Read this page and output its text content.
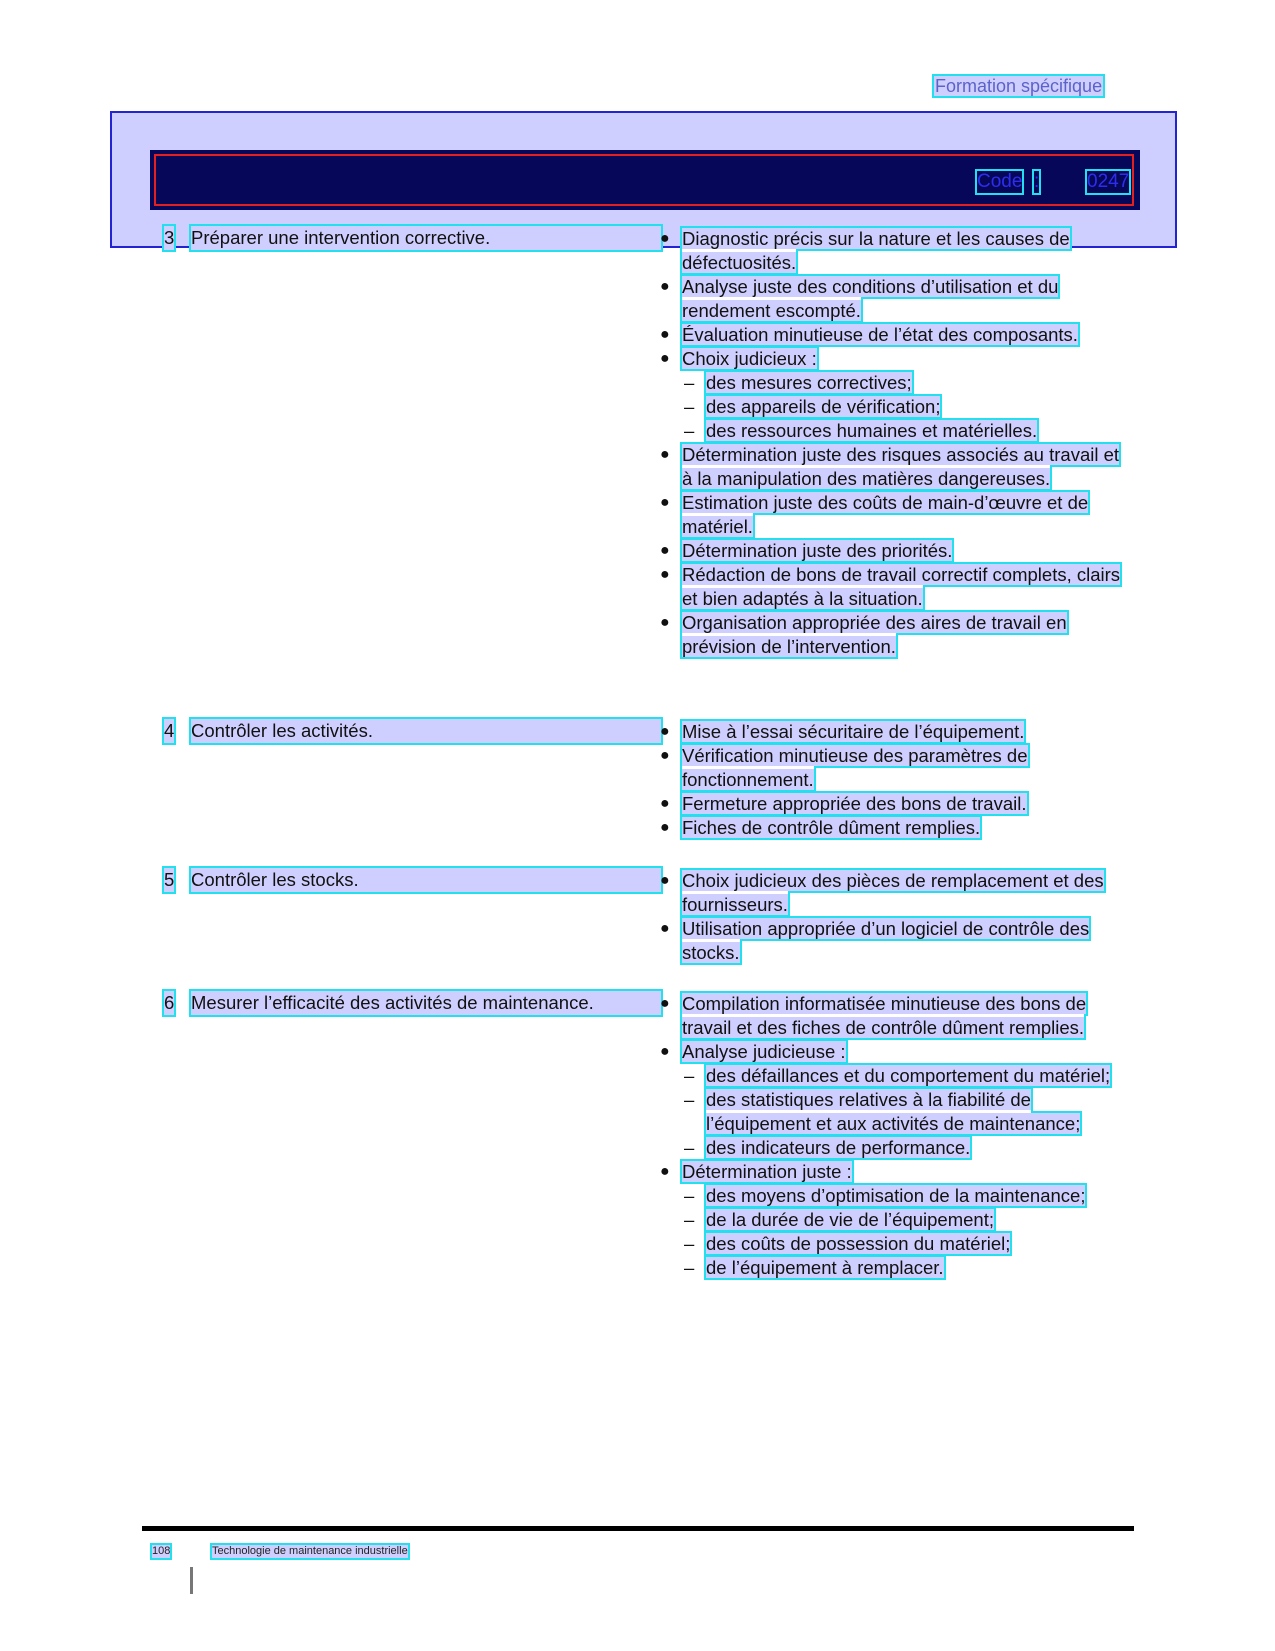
Formation spécifique
Code :	0247
3 Préparer une intervention corrective.	● Diagnostic précis sur la nature et les causes de défectuosités.

● Analyse juste des conditions d’utilisation et du rendement escompté.

● Évaluation minutieuse de l’état des composants.

● Choix judicieux :

– des mesures correctives;

– des appareils de vérification;

– des ressources humaines et matérielles.

● Détermination juste des risques associés au travail et à la manipulation des matières dangereuses.

● Estimation juste des coûts de main-d’œuvre et de matériel.

● Détermination juste des priorités.

● Rédaction de bons de travail correctif complets, clairs et bien adaptés à la situation.

● Organisation appropriée des aires de travail en prévision de l’intervention.

4 Contrôler les activités.	● Mise à l’essai sécuritaire de l’équipement.

● Vérification minutieuse des paramètres de fonctionnement.

● Fermeture appropriée des bons de travail.

● Fiches de contrôle dûment remplies.

5 Contrôler les stocks.	● Choix judicieux des pièces de remplacement et des fournisseurs.

● Utilisation appropriée d’un logiciel de contrôle des stocks.

6 Mesurer l’efficacité des activités de maintenance.	● Compilation informatisée minutieuse des bons de travail et des fiches de contrôle dûment remplies.

● Analyse judicieuse :

– des défaillances et du comportement du matériel;

– des statistiques relatives à la fiabilité de l’équipement et aux activités de maintenance;

– des indicateurs de performance.

● Détermination juste :

– des moyens d’optimisation de la maintenance;

– de la durée de vie de l’équipement;

– des coûts de possession du matériel;

– de l’équipement à remplacer.

108	Technologie de maintenance industrielle
